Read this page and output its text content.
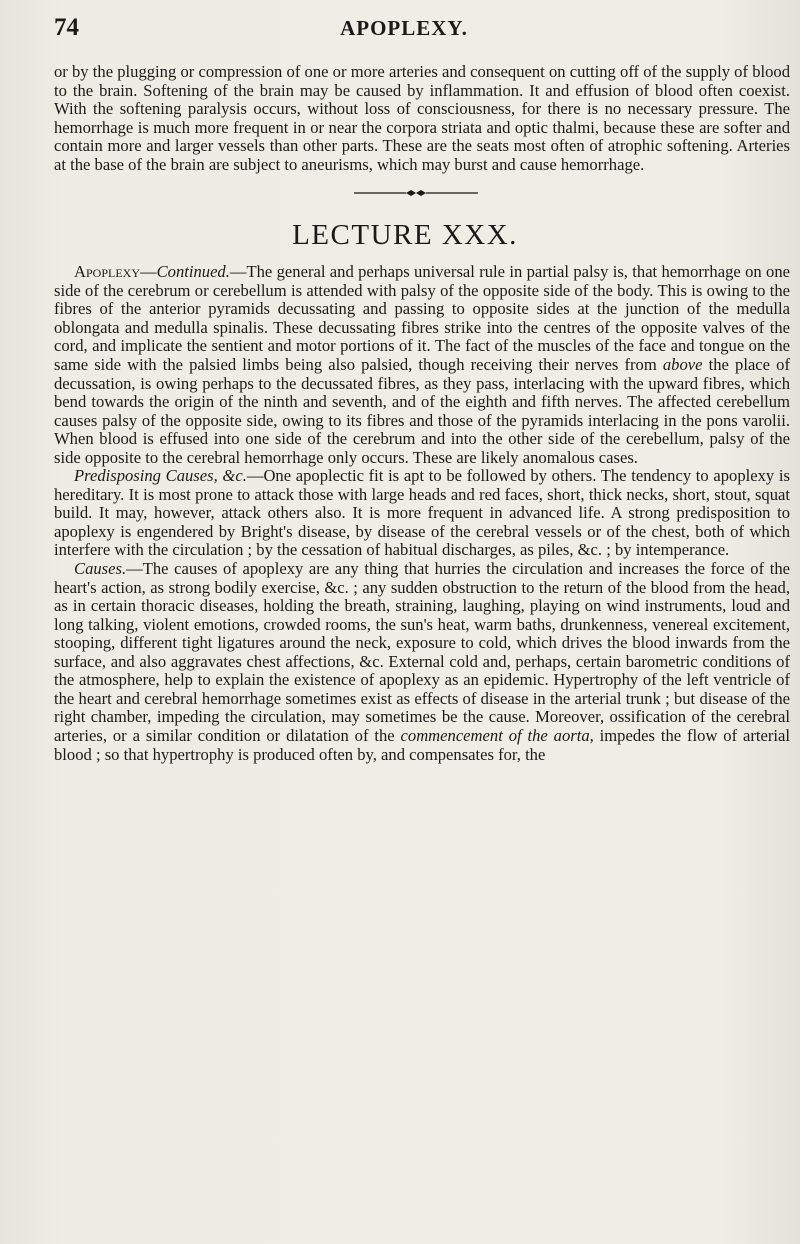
74	APOPLEXY.

or by the plugging or compression of one or more arteries and consequent on cutting off of the supply of blood to the brain. Softening of the brain may be caused by inflammation. It and effusion of blood often coexist. With the softening paralysis occurs, without loss of consciousness, for there is no necessary pressure. The hemorrhage is much more frequent in or near the corpora striata and optic thalmi, because these are softer and contain more and larger vessels than other parts. These are the seats most often of atrophic softening. Arteries at the base of the brain are subject to aneurisms, which may burst and cause hemorrhage.

LECTURE XXX.

Apoplexy—Continued.—The general and perhaps universal rule in partial palsy is, that hemorrhage on one side of the cerebrum or cerebellum is attended with palsy of the opposite side of the body. This is owing to the fibres of the anterior pyramids decussating and passing to opposite sides at the junction of the medulla oblongata and medulla spinalis. These decussating fibres strike into the centres of the opposite valves of the cord, and implicate the sentient and motor portions of it. The fact of the muscles of the face and tongue on the same side with the palsied limbs being also palsied, though receiving their nerves from above the place of decussation, is owing perhaps to the decussated fibres, as they pass, interlacing with the upward fibres, which bend towards the origin of the ninth and seventh, and of the eighth and fifth nerves. The affected cerebellum causes palsy of the opposite side, owing to its fibres and those of the pyramids interlacing in the pons varolii. When blood is effused into one side of the cerebrum and into the other side of the cerebellum, palsy of the side opposite to the cerebral hemorrhage only occurs. These are likely anomalous cases.

Predisposing Causes, &c.—One apoplectic fit is apt to be followed by others. The tendency to apoplexy is hereditary. It is most prone to attack those with large heads and red faces, short, thick necks, short, stout, squat build. It may, however, attack others also. It is more frequent in advanced life. A strong predisposition to apoplexy is engendered by Bright's disease, by disease of the cerebral vessels or of the chest, both of which interfere with the circulation ; by the cessation of habitual discharges, as piles, &c. ; by intemperance.

Causes.—The causes of apoplexy are any thing that hurries the circulation and increases the force of the heart's action, as strong bodily exercise, &c. ; any sudden obstruction to the return of the blood from the head, as in certain thoracic diseases, holding the breath, straining, laughing, playing on wind instruments, loud and long talking, violent emotions, crowded rooms, the sun's heat, warm baths, drunkenness, venereal excitement, stooping, different tight ligatures around the neck, exposure to cold, which drives the blood inwards from the surface, and also aggravates chest affections, &c. External cold and, perhaps, certain barometric conditions of the atmosphere, help to explain the existence of apoplexy as an epidemic. Hypertrophy of the left ventricle of the heart and cerebral hemorrhage sometimes exist as effects of disease in the arterial trunk ; but disease of the right chamber, impeding the circulation, may sometimes be the cause. Moreover, ossification of the cerebral arteries, or a similar condition or dilatation of the commencement of the aorta, impedes the flow of arterial blood ; so that hypertrophy is produced often by, and compensates for, the
